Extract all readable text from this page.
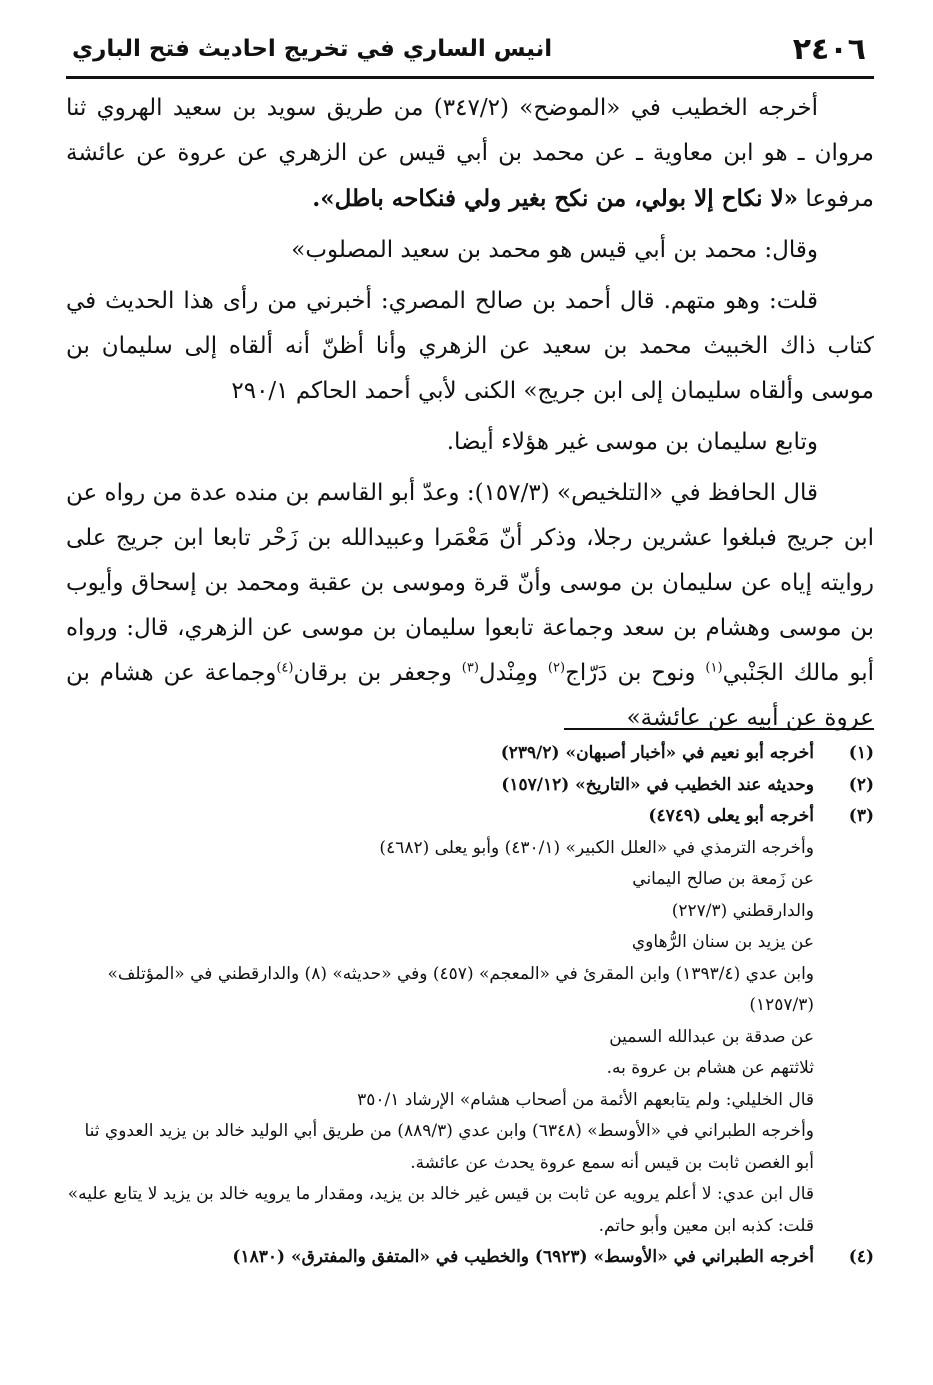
٢٤٠٦
انيس الساري في تخريج احاديث فتح الباري

أخرجه الخطيب في «الموضح» (٣٤٧/٢) من طريق سويد بن سعيد الهروي ثنا مروان ـ هو ابن معاوية ـ عن محمد بن أبي قيس عن الزهري عن عروة عن عائشة مرفوعا «لا نكاح إلا بولي، من نكح بغير ولي فنكاحه باطل».

وقال: محمد بن أبي قيس هو محمد بن سعيد المصلوب»

قلت: وهو متهم. قال أحمد بن صالح المصري: أخبرني من رأى هذا الحديث في كتاب ذاك الخبيث محمد بن سعيد عن الزهري وأنا أظنّ أنه ألقاه إلى سليمان بن موسى وألقاه سليمان إلى ابن جريج» الكنى لأبي أحمد الحاكم ٢٩٠/١

وتابع سليمان بن موسى غير هؤلاء أيضا.

قال الحافظ في «التلخيص» (١٥٧/٣): وعدّ أبو القاسم بن منده عدة من رواه عن ابن جريج فبلغوا عشرين رجلا، وذكر أنّ مَعْمَرا وعبيدالله بن زَحْر تابعا ابن جريج على روايته إياه عن سليمان بن موسى وأنّ قرة وموسى بن عقبة ومحمد بن إسحاق وأيوب بن موسى وهشام بن سعد وجماعة تابعوا سليمان بن موسى عن الزهري، قال: ورواه أبو مالك الجَنْبي$^{(١)}$ ونوح بن دَرّاج$^{(٢)}$ ومِنْدل$^{(٣)}$ وجعفر بن برقان$^{(٤)}$وجماعة عن هشام بن عروة عن أبيه عن عائشة»

(١)
أخرجه أبو نعيم في «أخبار أصبهان» (٢٣٩/٢)
(٢)
وحديثه عند الخطيب في «التاريخ» (١٥٧/١٢)
(٣)
أخرجه أبو يعلى (٤٧٤٩)
وأخرجه الترمذي في «العلل الكبير» (٤٣٠/١) وأبو يعلى (٤٦٨٢)
عن زَمعة بن صالح اليماني
والدارقطني (٢٢٧/٣)
عن يزيد بن سنان الرُّهاوي
وابن عدي (١٣٩٣/٤) وابن المقرئ في «المعجم» (٤٥٧) وفي «حديثه» (٨) والدارقطني في «المؤتلف» (١٢٥٧/٣)
عن صدقة بن عبدالله السمين
ثلاثتهم عن هشام بن عروة به.
قال الخليلي: ولم يتابعهم الأئمة من أصحاب هشام» الإرشاد ٣٥٠/١
وأخرجه الطبراني في «الأوسط» (٦٣٤٨) وابن عدي (٨٨٩/٣) من طريق أبي الوليد خالد بن يزيد العدوي ثنا أبو الغصن ثابت بن قيس أنه سمع عروة يحدث عن عائشة.
قال ابن عدي: لا أعلم يرويه عن ثابت بن قيس غير خالد بن يزيد، ومقدار ما يرويه خالد بن يزيد لا يتابع عليه»
قلت: كذبه ابن معين وأبو حاتم.
(٤)
أخرجه الطبراني في «الأوسط» (٦٩٢٣) والخطيب في «المتفق والمفترق» (١٨٣٠)
